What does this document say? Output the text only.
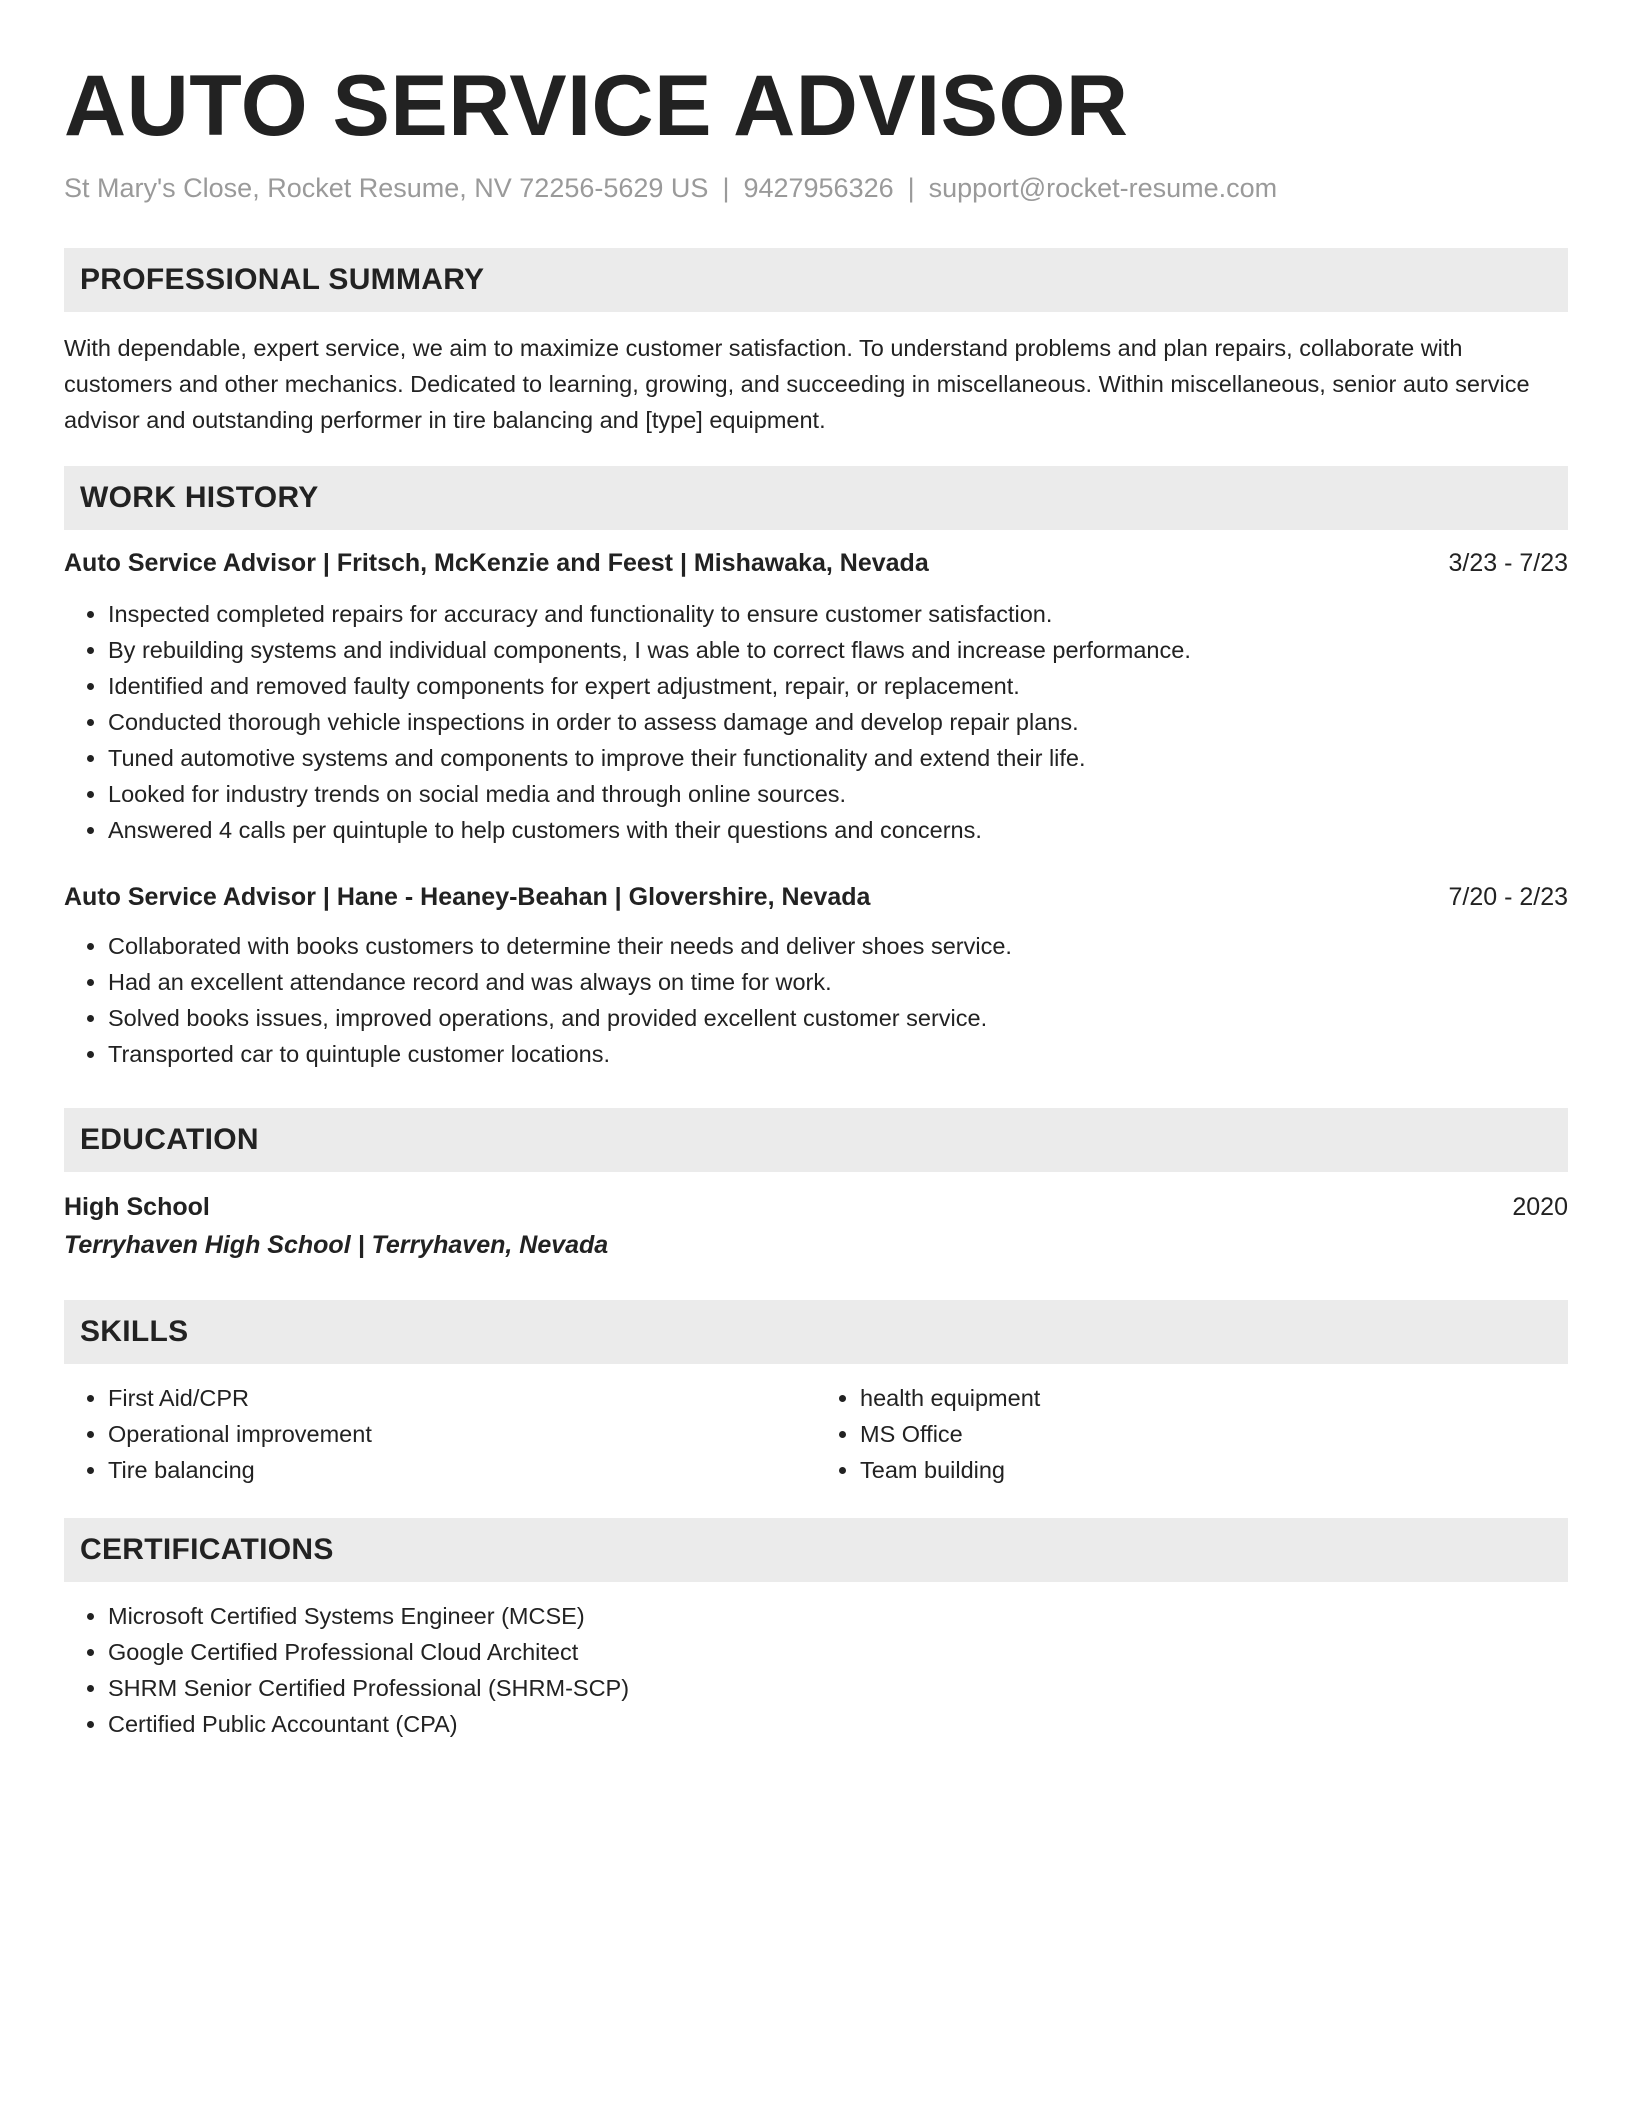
AUTO SERVICE ADVISOR
St Mary's Close, Rocket Resume, NV 72256-5629 US | 9427956326 | support@rocket-resume.com
PROFESSIONAL SUMMARY

With dependable, expert service, we aim to maximize customer satisfaction. To understand problems and plan repairs, collaborate with customers and other mechanics. Dedicated to learning, growing, and succeeding in miscellaneous. Within miscellaneous, senior auto service advisor and outstanding performer in tire balancing and [type] equipment.

WORK HISTORY
Auto Service Advisor | Fritsch, McKenzie and Feest | Mishawaka, Nevada	3/23 - 7/23
• Inspected completed repairs for accuracy and functionality to ensure customer satisfaction.
• By rebuilding systems and individual components, I was able to correct flaws and increase performance.
• Identified and removed faulty components for expert adjustment, repair, or replacement.
• Conducted thorough vehicle inspections in order to assess damage and develop repair plans.
• Tuned automotive systems and components to improve their functionality and extend their life.
• Looked for industry trends on social media and through online sources.
• Answered 4 calls per quintuple to help customers with their questions and concerns.
Auto Service Advisor | Hane - Heaney-Beahan | Glovershire, Nevada	7/20 - 2/23
• Collaborated with books customers to determine their needs and deliver shoes service.
• Had an excellent attendance record and was always on time for work.
• Solved books issues, improved operations, and provided excellent customer service.
• Transported car to quintuple customer locations.
EDUCATION
High School	2020
Terryhaven High School | Terryhaven, Nevada
SKILLS
• First Aid/CPR
• Operational improvement
• Tire balancing
• health equipment
• MS Office
• Team building
CERTIFICATIONS
• Microsoft Certified Systems Engineer (MCSE)
• Google Certified Professional Cloud Architect
• SHRM Senior Certified Professional (SHRM-SCP)
• Certified Public Accountant (CPA)
